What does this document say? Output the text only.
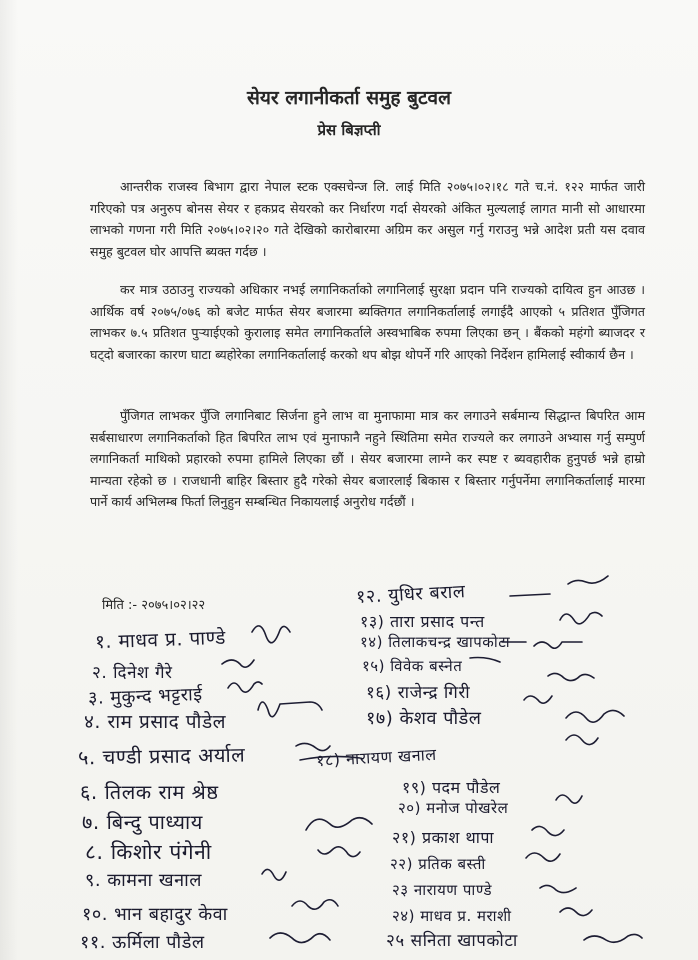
सेयर लगानीकर्ता समुह बुटवल
प्रेस बिज्ञप्ती

आन्तरीक राजस्व बिभाग द्वारा नेपाल स्टक एक्सचेन्ज लि. लाई मिति २०७५।०२।१८ गते च.नं. १२२ मार्फत जारी गरिएको पत्र अनुरुप बोनस सेयर र हकप्रद सेयरको कर निर्धारण गर्दा सेयरको अंकित मुल्यलाई लागत मानी सो आधारमा लाभको गणना गरी मिति २०७५।०२।२० गते देखिको कारोबारमा अग्रिम कर असुल गर्नु गराउनु भन्ने आदेश प्रती यस दवाव समुह बुटवल घोर आपत्ति ब्यक्त गर्दछ ।

कर मात्र उठाउनु राज्यको अधिकार नभई लगानिकर्ताको लगानिलाई सुरक्षा प्रदान पनि राज्यको दायित्व हुन आउछ । आर्थिक वर्ष २०७५/०७६ को बजेट मार्फत सेयर बजारमा ब्यक्तिगत लगानिकर्तालाई लगाईदै आएको ५ प्रतिशत पुँजिगत लाभकर ७.५ प्रतिशत पुऱ्याईएको कुरालाइ समेत लगानिकर्ताले अस्वभाबिक रुपमा लिएका छन् । बैंकको महंगो ब्याजदर र घट्दो बजारका कारण घाटा ब्यहोरेका लगानिकर्तालाई करको थप बोझ थोपर्ने गरि आएको निर्देशन हामिलाई स्वीकार्य छैन ।

पुँजिगत लाभकर पुँजि लगानिबाट सिर्जना हुने लाभ वा मुनाफामा मात्र कर लगाउने सर्बमान्य सिद्धान्त बिपरित आम सर्बसाधारण लगानिकर्ताको हित बिपरित लाभ एवं मुनाफानै नहुने स्थितिमा समेत राज्यले कर लगाउने अभ्यास गर्नु सम्पुर्ण लगानिकर्ता माथिको प्रहारको रुपमा हामिले लिएका छौं । सेयर बजारमा लाग्ने कर स्पष्ट र ब्यवहारीक हुनुपर्छ भन्ने हाम्रो मान्यता रहेको छ । राजधानी बाहिर बिस्तार हुदै गरेको सेयर बजारलाई बिकास र बिस्तार गर्नुपर्नेमा लगानिकर्तालाई मारमा पार्ने कार्य अभिलम्ब फिर्ता लिनुहुन सम्बन्धित निकायलाई अनुरोध गर्दछौं ।

मिति :- २०७५।०२।२२
१. माधव प्र. पाण्डे
२. दिनेश गैरे
३. मुकुन्द भट्टराई
४. राम प्रसाद पौडेल
५. चण्डी प्रसाद अर्याल
६. तिलक राम श्रेष्ठ
७. बिन्दु पाध्याय
८. किशोर पंगेनी
९. कामना खनाल
१०. भान बहादुर केवा
११. ऊर्मिला पौडेल
१२. युधिर बराल
१३) तारा प्रसाद पन्त
१४) तिलाकचन्द्र खापकोटा
१५) विवेक बस्नेत
१६) राजेन्द्र गिरी
१७) केशव पौडेल
१८) नारायण खनाल
१९) पदम पौडेल
२०) मनोज पोखरेल
२१) प्रकाश थापा
२२) प्रतिक बस्ती
२३ नारायण पाण्डे
२४) माधव प्र. मराशी
२५ सनिता खापकोटा
